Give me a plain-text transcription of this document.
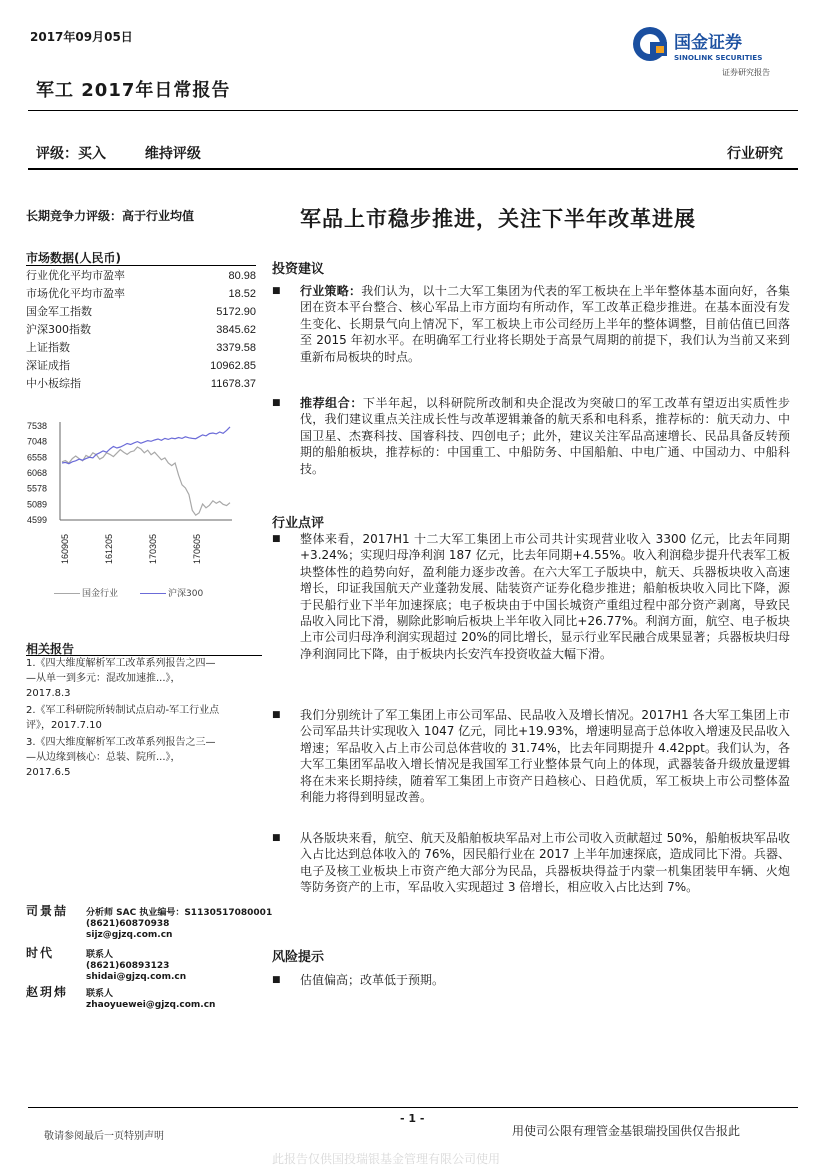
2017年09月05日
军工 2017年日常报告
评级：买入	维持评级	行业研究
国金证券
SINOLINK SECURITIES
证券研究报告
长期竞争力评级：高于行业均值	军品上市稳步推进，关注下半年改革进展
市场数据(人民币)
行业优化平均市盈率	80.98
市场优化平均市盈率	18.52
国金军工指数	5172.90
沪深300指数	3845.62
上证指数	3379.58
深证成指	10962.85
中小板综指	11678.37
7538
7048
6558
6068
5578
5089
4599
160905	161205	170305	170605
国金行业	沪深300
相关报告
1.《四大维度解析军工改革系列报告之四—
—从单一到多元：混改加速推...》，
2017.8.3
2.《军工科研院所转制试点启动-军工行业点
评》，2017.7.10
3.《四大维度解析军工改革系列报告之三—
—从边缘到核心：总装、院所...》，
2017.6.5
司景喆 分析师 SAC 执业编号：S1130517080001
(8621)60870938
sijz@gjzq.com.cn
时代	联系人
(8621)60893123
shidai@gjzq.com.cn
赵玥炜 联系人
zhaoyuewei@gjzq.com.cn
投资建议
■ 行业策略：我们认为，以十二大军工集团为代表的军工板块在上半年整体基本面向好，各集团在资本平台整合、核心军品上市方面均有所动作，军工改革正稳步推进。在基本面没有发生变化、长期景气向上情况下，军工板块上市公司经历上半年的整体调整，目前估值已回落至 2015 年初水平。在明确军工行业将长期处于高景气周期的前提下，我们认为当前又来到重新布局板块的时点。
■ 推荐组合：下半年起，以科研院所改制和央企混改为突破口的军工改革有望迈出实质性步伐，我们建议重点关注成长性与改革逻辑兼备的航天系和电科系，推荐标的：航天动力、中国卫星、杰赛科技、国睿科技、四创电子；此外，建议关注军品高速增长、民品具备反转预期的船舶板块，推荐标的：中国重工、中船防务、中国船舶、中电广通、中国动力、中船科技。
行业点评
■ 整体来看，2017H1 十二大军工集团上市公司共计实现营业收入 3300 亿元，比去年同期+3.24%；实现归母净利润 187 亿元，比去年同期+4.55%。收入利润稳步提升代表军工板块整体性的趋势向好，盈利能力逐步改善。在六大军工子版块中，航天、兵器板块收入高速增长，印证我国航天产业蓬勃发展、陆装资产证券化稳步推进；船舶板块收入同比下降，源于民船行业下半年加速探底；电子板块由于中国长城资产重组过程中部分资产剥离，导致民品收入同比下滑，剔除此影响后板块上半年收入同比+26.77%。利润方面，航空、电子板块上市公司归母净利润实现超过 20%的同比增长，显示行业军民融合成果显著；兵器板块归母净利润同比下降，由于板块内长安汽车投资收益大幅下滑。
■ 我们分别统计了军工集团上市公司军品、民品收入及增长情况。2017H1 各大军工集团上市公司军品共计实现收入 1047 亿元，同比+19.93%，增速明显高于总体收入增速及民品收入增速；军品收入占上市公司总体营收的 31.74%，比去年同期提升 4.42ppt。我们认为，各大军工集团军品收入增长情况是我国军工行业整体景气向上的体现，武器装备升级放量逻辑将在未来长期持续，随着军工集团上市资产日趋核心、日趋优质，军工板块上市公司整体盈利能力将得到明显改善。
■ 从各版块来看，航空、航天及船舶板块军品对上市公司收入贡献超过 50%，船舶板块军品收入占比达到总体收入的 76%，因民船行业在 2017 上半年加速探底，造成同比下滑。兵器、电子及核工业板块上市资产绝大部分为民品，兵器板块得益于内蒙一机集团装甲车辆、火炮等防务资产的上市，军品收入实现超过 3 倍增长，相应收入占比达到 7%。
风险提示
■ 估值偏高；改革低于预期。
- 1 -
敬请参阅最后一页特别声明	用使司公限有理管金基银瑞投国供仅告报此
此报告仅供国投瑞银基金管理有限公司使用
